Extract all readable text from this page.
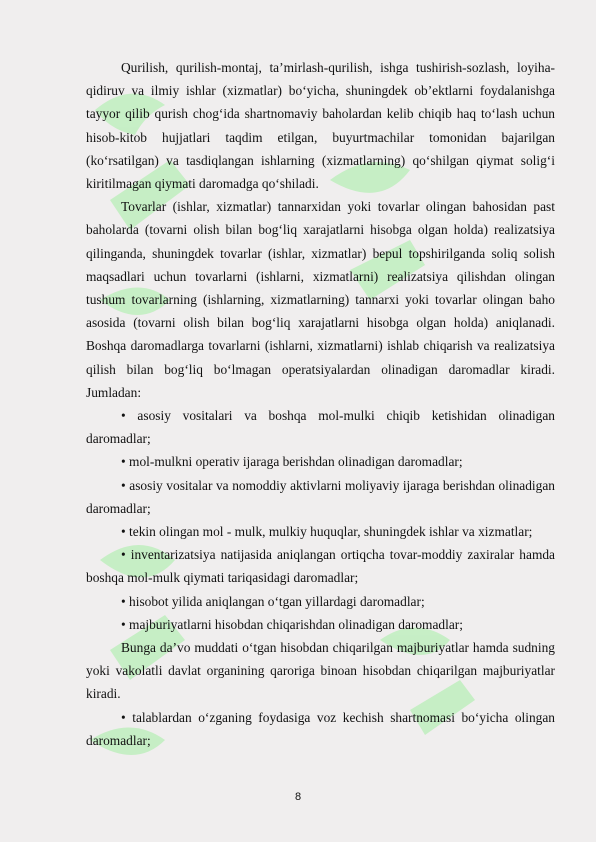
Qurilish, qurilish-montaj, ta’mirlash-qurilish, ishga tushirish-sozlash, loyiha-qidiruv va ilmiy ishlar (xizmatlar) bo‘yicha, shuningdek ob’ektlarni foydalanishga tayyor qilib qurish chog‘ida shartnomaviy baholardan kelib chiqib haq to‘lash uchun hisob-kitob hujjatlari taqdim etilgan, buyurtmachilar tomonidan bajarilgan (ko‘rsatilgan) va tasdiqlangan ishlarning (xizmatlarning) qo‘shilgan qiymat solig‘i kiritilmagan qiymati daromadga qo‘shiladi.

Tovarlar (ishlar, xizmatlar) tannarxidan yoki tovarlar olingan bahosidan past baholarda (tovarni olish bilan bog‘liq xarajatlarni hisobga olgan holda) realizatsiya qilinganda, shuningdek tovarlar (ishlar, xizmatlar) bepul topshirilganda soliq solish maqsadlari uchun tovarlarni (ishlarni, xizmatlarni) realizatsiya qilishdan olingan tushum tovarlarning (ishlarning, xizmatlarning) tannarxi yoki tovarlar olingan baho asosida (tovarni olish bilan bog‘liq xarajatlarni hisobga olgan holda) aniqlanadi. Boshqa daromadlarga tovarlarni (ishlarni, xizmatlarni) ishlab chiqarish va realizatsiya qilish bilan bog‘liq bo‘lmagan operatsiyalardan olinadigan daromadlar kiradi. Jumladan:

• asosiy vositalari va boshqa mol-mulki chiqib ketishidan olinadigan daromadlar;

• mol-mulkni operativ ijaraga berishdan olinadigan daromadlar;

• asosiy vositalar va nomoddiy aktivlarni moliyaviy ijaraga berishdan olinadigan daromadlar;

• tekin olingan mol - mulk, mulkiy huquqlar, shuningdek ishlar va xizmatlar;

• inventarizatsiya natijasida aniqlangan ortiqcha tovar-moddiy zaxiralar hamda boshqa mol-mulk qiymati tariqasidagi daromadlar;

• hisobot yilida aniqlangan o‘tgan yillardagi daromadlar;

• majburiyatlarni hisobdan chiqarishdan olinadigan daromadlar;

Bunga da’vo muddati o‘tgan hisobdan chiqarilgan majburiyatlar hamda sudning yoki vakolatli davlat organining qaroriga binoan hisobdan chiqarilgan majburiyatlar kiradi.

• talablardan o‘zganing foydasiga voz kechish shartnomasi bo‘yicha olingan daromadlar;

8
